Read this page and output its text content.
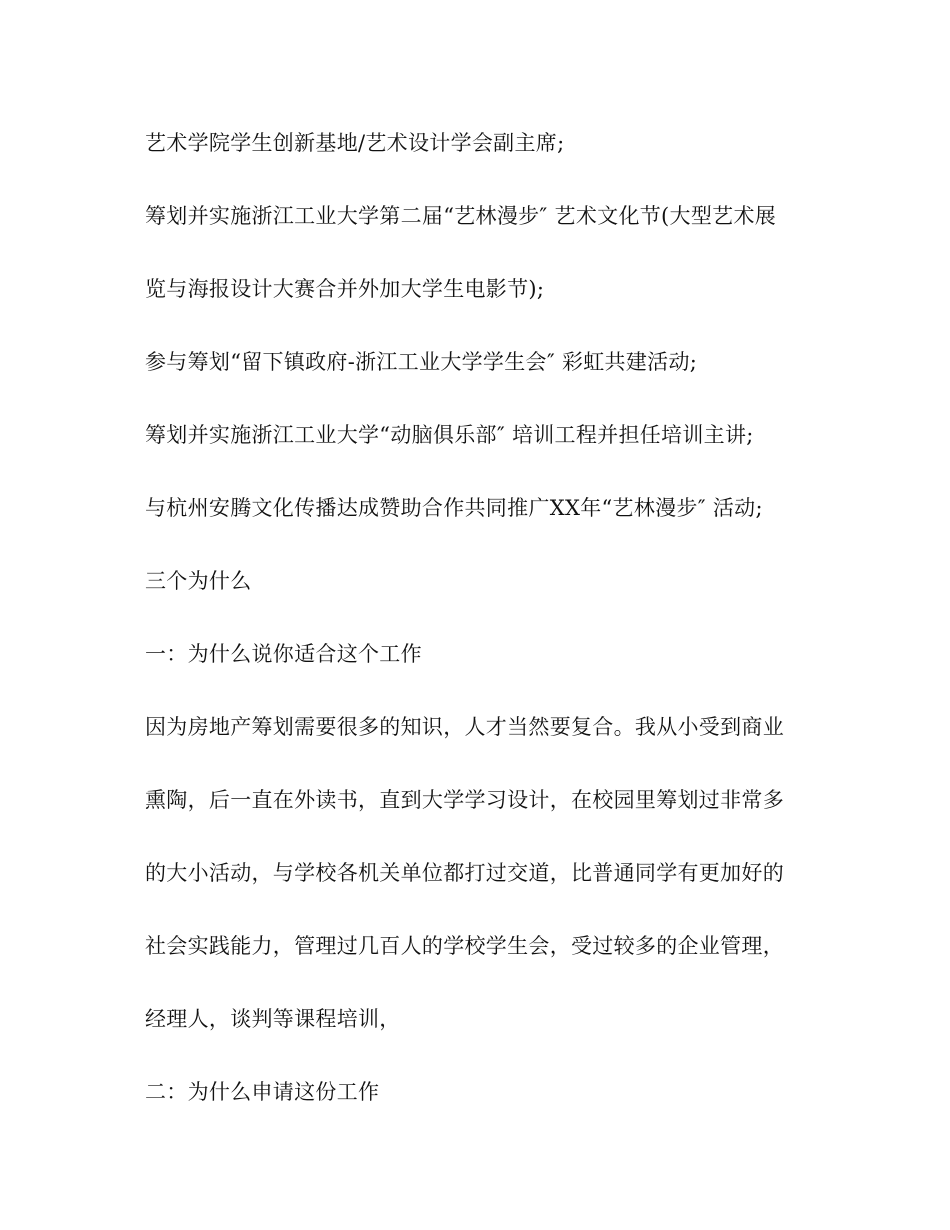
艺术学院学生创新基地/艺术设计学会副主席;

筹划并实施浙江工业大学第二届“艺林漫步″ 艺术文化节(大型艺术展

览与海报设计大赛合并外加大学生电影节);

参与筹划“留下镇政府-浙江工业大学学生会″ 彩虹共建活动;

筹划并实施浙江工业大学“动脑俱乐部″ 培训工程并担任培训主讲;

与杭州安腾文化传播达成赞助合作共同推广XX年“艺林漫步″ 活动;

三个为什么

一：为什么说你适合这个工作

因为房地产筹划需要很多的知识，人才当然要复合。我从小受到商业

熏陶，后一直在外读书，直到大学学习设计，在校园里筹划过非常多

的大小活动，与学校各机关单位都打过交道，比普通同学有更加好的

社会实践能力，管理过几百人的学校学生会，受过较多的企业管理，

经理人，谈判等课程培训，

二：为什么申请这份工作
